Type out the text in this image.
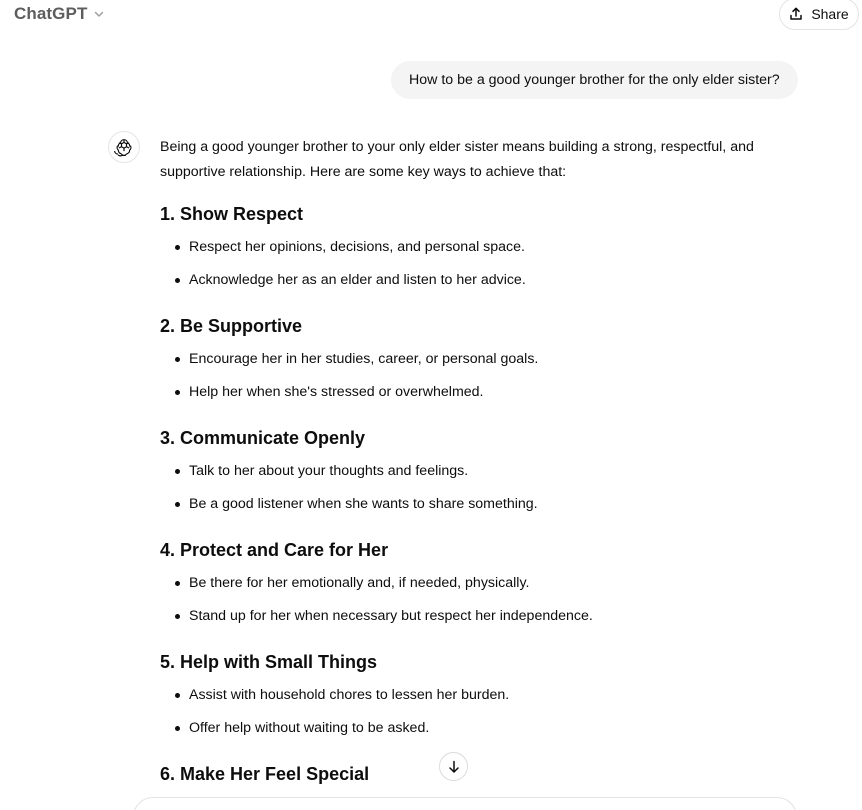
ChatGPT	Share
How to be a good younger brother for the only elder sister?

Being a good younger brother to your only elder sister means building a strong, respectful, and
supportive relationship. Here are some key ways to achieve that:

1. Show Respect
Respect her opinions, decisions, and personal space.
Acknowledge her as an elder and listen to her advice.
2. Be Supportive
Encourage her in her studies, career, or personal goals.
Help her when she's stressed or overwhelmed.
3. Communicate Openly
Talk to her about your thoughts and feelings.
Be a good listener when she wants to share something.
4. Protect and Care for Her
Be there for her emotionally and, if needed, physically.
Stand up for her when necessary but respect her independence.
5. Help with Small Things
Assist with household chores to lessen her burden.
Offer help without waiting to be asked.
6. Make Her Feel Special
